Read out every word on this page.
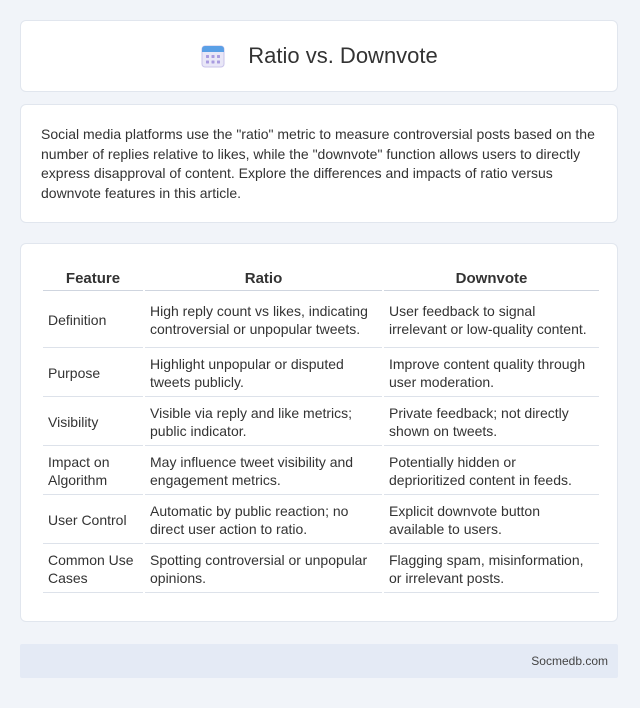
Ratio vs. Downvote

Social media platforms use the "ratio" metric to measure controversial posts based on the number of replies relative to likes, while the "downvote" function allows users to directly express disapproval of content. Explore the differences and impacts of ratio versus downvote features in this article.

Feature	Ratio	Downvote
Definition	High reply count vs likes, indicating controversial or unpopular tweets.	User feedback to signal irrelevant or low-quality content.
Purpose	Highlight unpopular or disputed tweets publicly.	Improve content quality through user moderation.
Visibility	Visible via reply and like metrics; public indicator.	Private feedback; not directly shown on tweets.
Impact on Algorithm	May influence tweet visibility and engagement metrics.	Potentially hidden or deprioritized content in feeds.
User Control	Automatic by public reaction; no direct user action to ratio.	Explicit downvote button available to users.
Common Use Cases	Spotting controversial or unpopular opinions.	Flagging spam, misinformation, or irrelevant posts.
Socmedb.com
